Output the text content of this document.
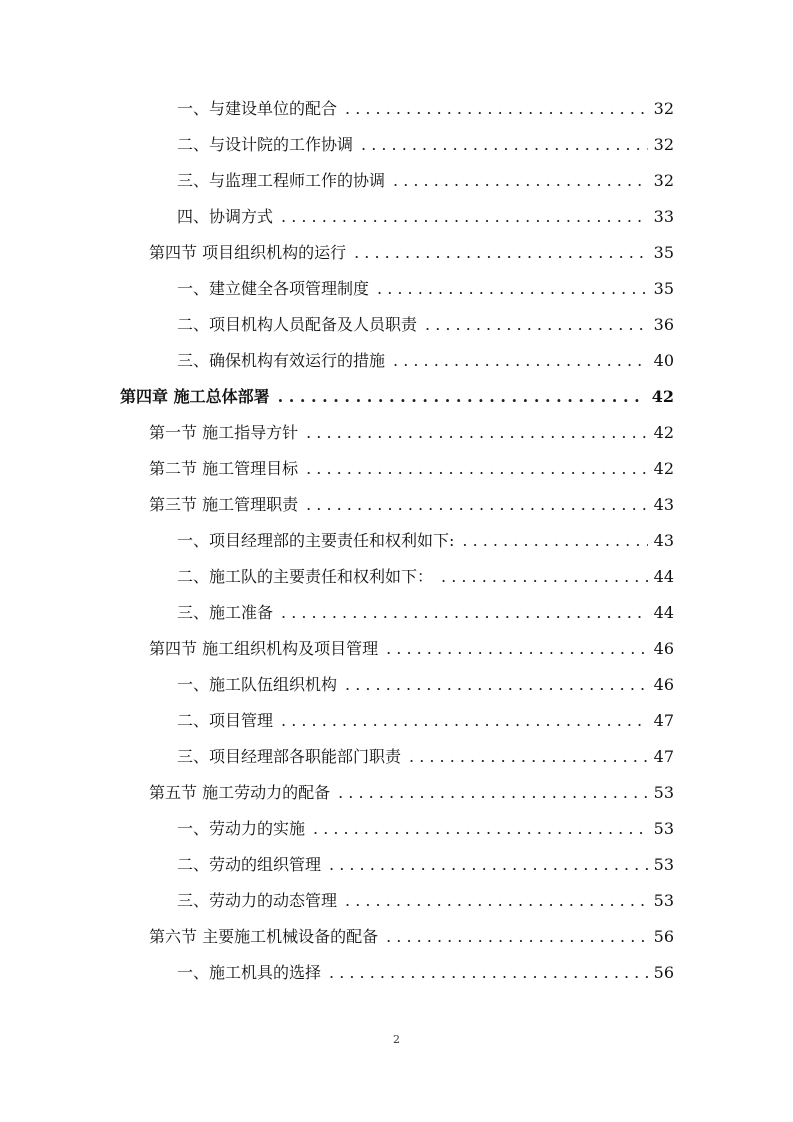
一、与建设单位的配合 . . .	32
二、与设计院的工作协调 . . .	32
三、与监理工程师工作的协调 . . .	32
四、协调方式 . . .	33
第四节 项目组织机构的运行 . . .	35
一、建立健全各项管理制度 . . .	35
二、项目机构人员配备及人员职责 . . .	36
三、确保机构有效运行的措施 . . .	40
第四章 施工总体部署 . . .	42
第一节 施工指导方针 . . .	42
第二节 施工管理目标 . . .	42
第三节 施工管理职责 . . .	43
一、项目经理部的主要责任和权利如下: . . .	43
二、施工队的主要责任和权利如下： . . .	44
三、施工准备 . . .	44
第四节 施工组织机构及项目管理 . . .	46
一、施工队伍组织机构 . . .	46
二、项目管理 . . .	47
三、项目经理部各职能部门职责 . . .	47
第五节 施工劳动力的配备 . . .	53
一、劳动力的实施 . . .	53
二、劳动的组织管理 . . .	53
三、劳动力的动态管理 . . .	53
第六节 主要施工机械设备的配备 . . .	56
一、施工机具的选择 . . .	56
2
